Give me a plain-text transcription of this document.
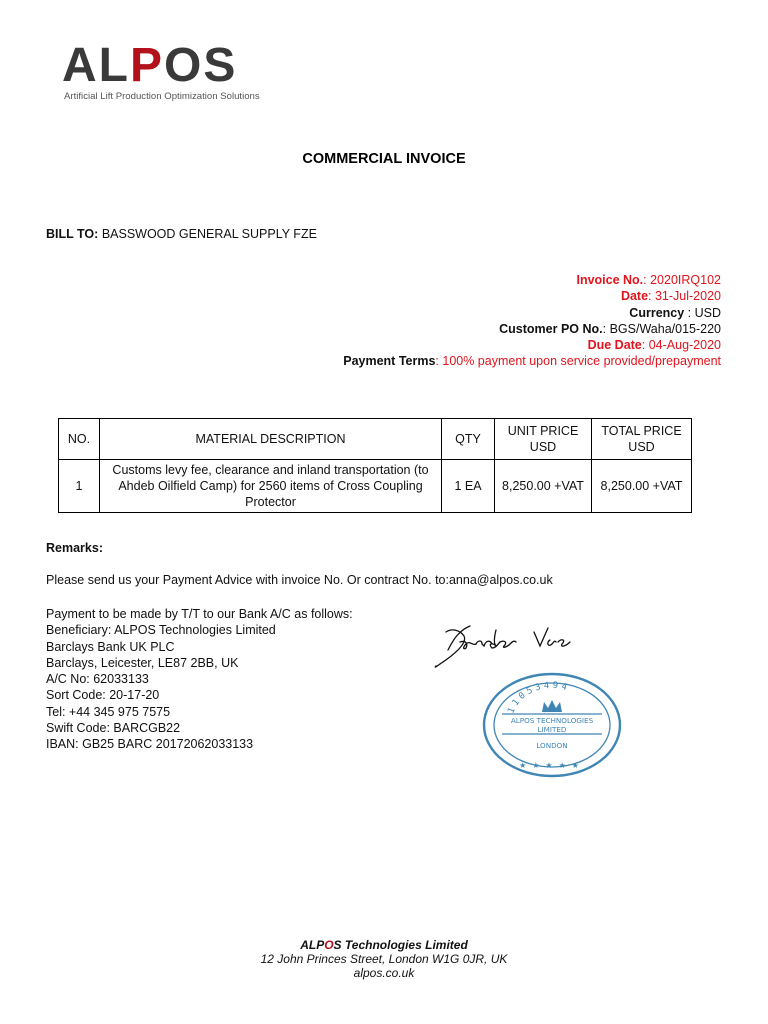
ALPOS
Artificial Lift Production Optimization Solutions
COMMERCIAL INVOICE
BILL TO: BASSWOOD GENERAL SUPPLY FZE
Invoice No.: 2020IRQ102
Date: 31-Jul-2020
Currency : USD
Customer PO No.: BGS/Waha/015-220
Due Date: 04-Aug-2020
Payment Terms: 100% payment upon service provided/prepayment
NO.	MATERIAL DESCRIPTION	QTY	UNIT PRICE USD	TOTAL PRICE USD
1	Customs levy fee, clearance and inland transportation (to Ahdeb Oilfield Camp) for 2560 items of Cross Coupling Protector	1 EA	8,250.00 +VAT	8,250.00 +VAT
Remarks:
Please send us your Payment Advice with invoice No. Or contract No. to:anna@alpos.co.uk
Payment to be made by T/T to our Bank A/C as follows:
Beneficiary: ALPOS Technologies Limited
Barclays Bank UK PLC
Barclays, Leicester, LE87 2BB, UK
A/C No: 62033133
Sort Code: 20-17-20
Tel: +44 345 975 7575
Swift Code: BARCGB22
IBAN: GB25 BARC 20172062033133
11053494
ALPOS TECHNOLOGIES
LIMITED
LONDON
★★★★★
ALPOS Technologies Limited
12 John Princes Street, London W1G 0JR, UK
alpos.co.uk
